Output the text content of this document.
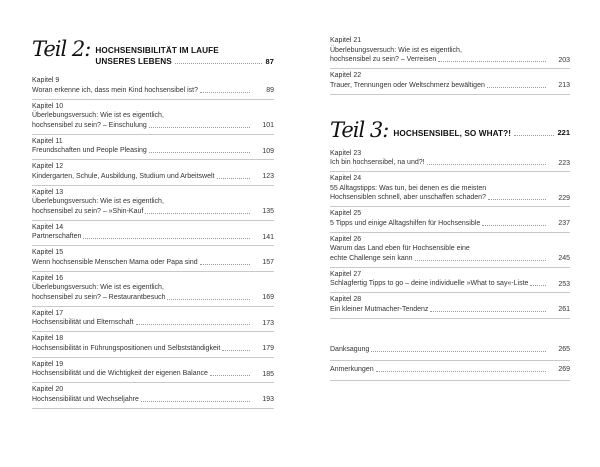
Teil 2: HOCHSENSIBILITÄT IM LAUFE
UNSERES LEBENS	87
Kapitel 9
Woran erkenne ich, dass mein Kind hochsensibel ist?	89
Kapitel 10
Überlebungsversuch: Wie ist es eigentlich,
hochsensibel zu sein? – Einschulung	101
Kapitel 11
Freundschaften und People Pleasing	109
Kapitel 12
Kindergarten, Schule, Ausbildung, Studium und Arbeitswelt	123
Kapitel 13
Überlebungsversuch: Wie ist es eigentlich,
hochsensibel zu sein? – »Shin-Kauf	135
Kapitel 14
Partnerschaften	141
Kapitel 15
Wenn hochsensible Menschen Mama oder Papa sind	157
Kapitel 16
Überlebungsversuch: Wie ist es eigentlich,
hochsensibel zu sein? – Restaurantbesuch	169
Kapitel 17
Hochsensibilität und Elternschaft	173
Kapitel 18
Hochsensibilität in Führungspositionen und Selbstständigkeit	179
Kapitel 19
Hochsensibilität und die Wichtigkeit der eigenen Balance	185
Kapitel 20
Hochsensibilität und Wechseljahre	193
Kapitel 21
Überlebungsversuch: Wie ist es eigentlich,
hochsensibel zu sein? – Verreisen	203
Kapitel 22
Trauer, Trennungen oder Weltschmerz bewältigen	213
Teil 3: HOCHSENSIBEL, SO WHAT?!	221
Kapitel 23
Ich bin hochsensibel, na und?!	223
Kapitel 24
55 Alltagstipps: Was tun, bei denen es die meisten
Hochsensiblen schnell, aber unschaffen schaden?	229
Kapitel 25
5 Tipps und einige Alltagshilfen für Hochsensible	237
Kapitel 26
Warum das Land eben für Hochsensible eine
echte Challenge sein kann	245
Kapitel 27
Schlagfertig Tipps to go – deine individuelle »What to say«-Liste	253
Kapitel 28
Ein kleiner Mutmacher-Tendenz	261
Danksagung	265
Anmerkungen	269
